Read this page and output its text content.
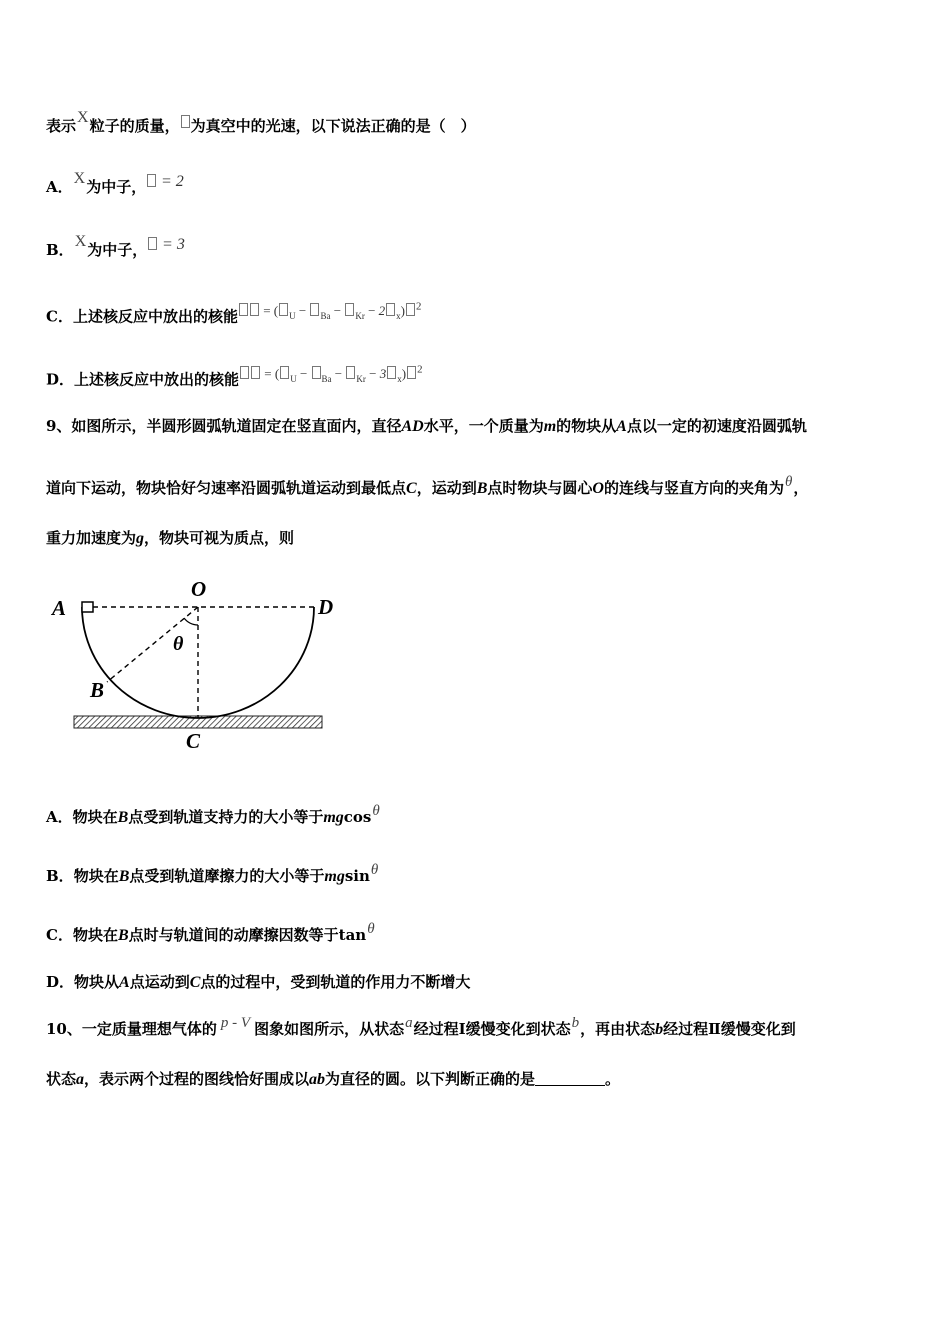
表示X粒子的质量， 为真空中的光速，以下说法正确的是（　）
A．X为中子， = 2
B．X为中子， = 3
C．上述核反应中放出的核能 = ( $_U$ − $_{Ba}$ − $_{Kr}$ − 2 $_x$) $^2$
D．上述核反应中放出的核能 = ( $_U$ − $_{Ba}$ − $_{Kr}$ − 3 $_x$) $^2$
9、如图所示，半圆形圆弧轨道固定在竖直面内，直径AD水平，一个质量为m的物块从A点以一定的初速度沿圆弧轨
道向下运动，物块恰好匀速率沿圆弧轨道运动到最低点C，运动到B点时物块与圆心O的连线与竖直方向的夹角为θ，
重力加速度为g，物块可视为质点，则
A
O
D
θ
B
C
A．物块在B点受到轨道支持力的大小等于mgcosθ
B．物块在B点受到轨道摩擦力的大小等于mgsinθ
C．物块在B点时与轨道间的动摩擦因数等于tanθ
D．物块从A点运动到C点的过程中，受到轨道的作用力不断增大
10、一定质量理想气体的 p - V 图象如图所示，从状态a经过程Ⅰ缓慢变化到状态b，再由状态b经过程Ⅱ缓慢变化到
状态a，表示两个过程的图线恰好围成以ab为直径的圆。以下判断正确的是	。
